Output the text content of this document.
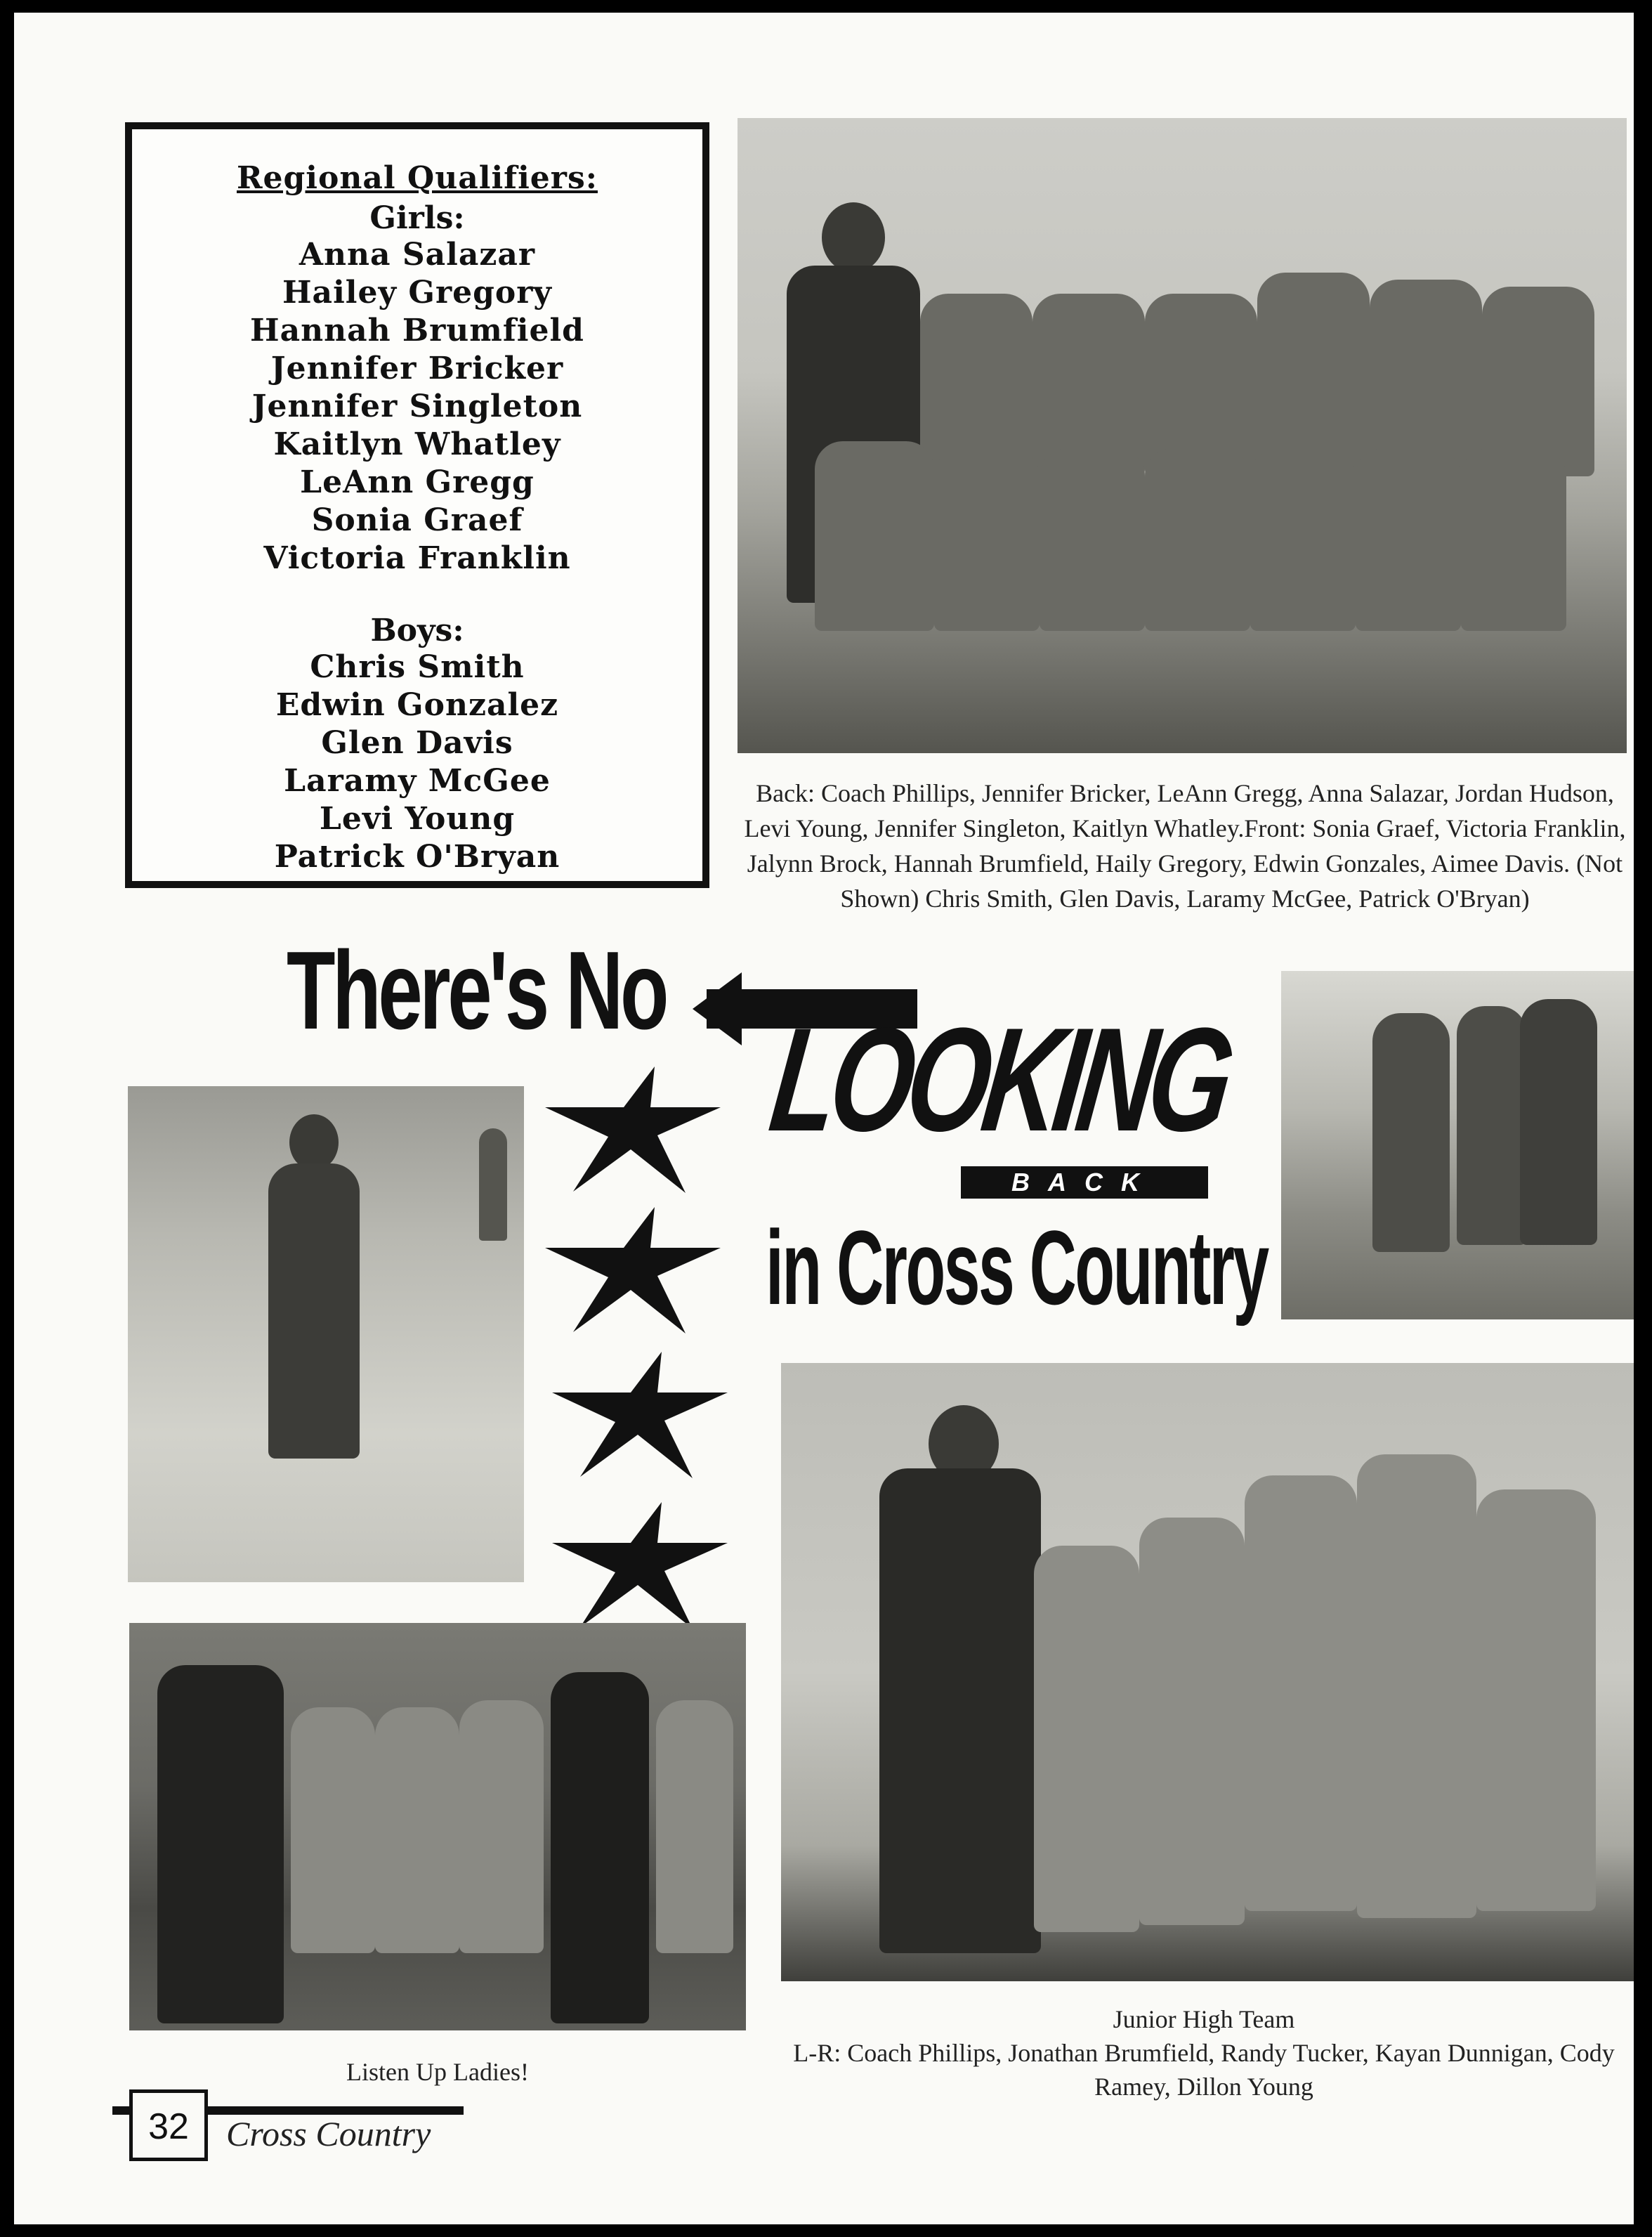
Regional Qualifiers:
Girls:
Anna Salazar
Hailey Gregory
Hannah Brumfield
Jennifer Bricker
Jennifer Singleton
Kaitlyn Whatley
LeAnn Gregg
Sonia Graef
Victoria Franklin
Boys:
Chris Smith
Edwin Gonzalez
Glen Davis
Laramy McGee
Levi Young
Patrick O'Bryan
Back: Coach Phillips, Jennifer Bricker, LeAnn Gregg, Anna Salazar, Jordan Hudson, Levi Young, Jennifer Singleton, Kaitlyn Whatley.Front: Sonia Graef, Victoria Franklin, Jalynn Brock, Hannah Brumfield, Haily Gregory, Edwin Gonzales, Aimee Davis. (Not Shown) Chris Smith, Glen Davis, Laramy McGee, Patrick O'Bryan)
There's No
LOOKING
BACK
in Cross Country
Listen Up Ladies!
Junior High Team
L-R: Coach Phillips, Jonathan Brumfield, Randy Tucker, Kayan Dunnigan, Cody Ramey, Dillon Young
32	Cross Country
